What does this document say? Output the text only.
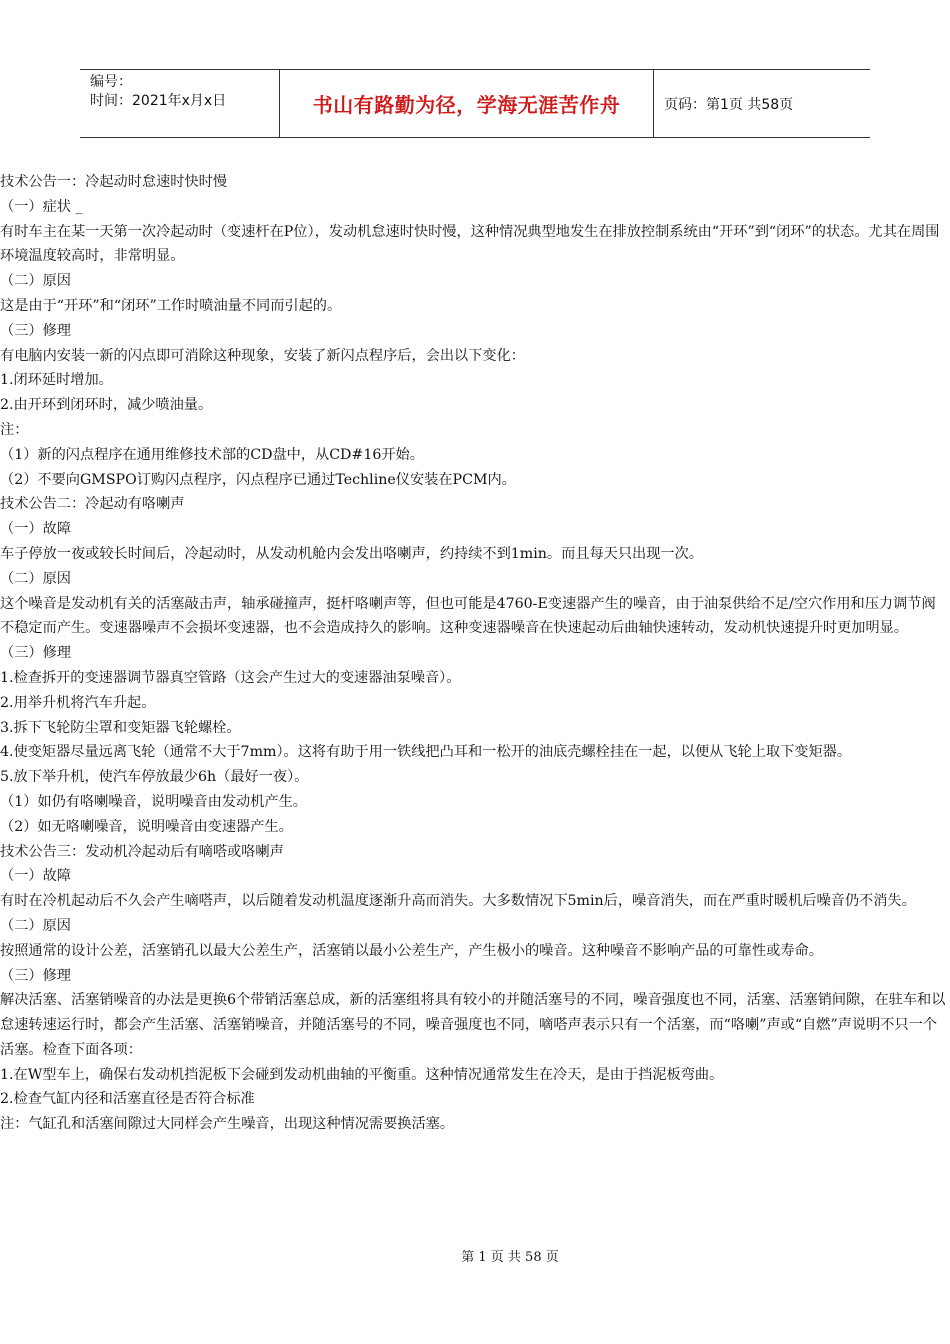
编号：
时间：2021年x月x日	书山有路勤为径，学海无涯苦作舟	页码：第1页 共58页

技术公告一：冷起动时怠速时快时慢

（一）症状 _

有时车主在某一天第一次冷起动时（变速杆在P位），发动机怠速时快时慢，这种情况典型地发生在排放控制系统由“开环”到“闭环”的状态。尤其在周围环境温度较高时，非常明显。

（二）原因

这是由于“开环”和“闭环”工作时喷油量不同而引起的。

（三）修理

有电脑内安装一新的闪点即可消除这种现象，安装了新闪点程序后，会出以下变化：

1.闭环延时增加。

2.由开环到闭环时，减少喷油量。

注：

（1）新的闪点程序在通用维修技术部的CD盘中，从CD#16开始。

（2）不要向GMSPO订购闪点程序，闪点程序已通过Techline仪安装在PCM内。

技术公告二：冷起动有咯喇声

（一）故障

车子停放一夜或较长时间后，冷起动时，从发动机舱内会发出咯喇声，约持续不到1min。而且每天只出现一次。

（二）原因

这个噪音是发动机有关的活塞敲击声，轴承碰撞声，挺杆咯喇声等，但也可能是4760-E变速器产生的噪音，由于油泵供给不足/空穴作用和压力调节阀不稳定而产生。变速器噪声不会损坏变速器，也不会造成持久的影响。这种变速器噪音在快速起动后曲轴快速转动，发动机快速提升时更加明显。

（三）修理

1.检查拆开的变速器调节器真空管路（这会产生过大的变速器油泵噪音）。

2.用举升机将汽车升起。

3.拆下飞轮防尘罩和变矩器飞轮螺栓。

4.使变矩器尽量远离飞轮（通常不大于7mm）。这将有助于用一铁线把凸耳和一松开的油底壳螺栓挂在一起，以便从飞轮上取下变矩器。

5.放下举升机，使汽车停放最少6h（最好一夜）。

（1）如仍有咯喇噪音，说明噪音由发动机产生。

（2）如无咯喇噪音，说明噪音由变速器产生。

技术公告三：发动机冷起动后有嘀嗒或咯喇声

（一）故障

有时在冷机起动后不久会产生嘀嗒声，以后随着发动机温度逐渐升高而消失。大多数情况下5min后，噪音消失，而在严重时暖机后噪音仍不消失。

（二）原因

按照通常的设计公差，活塞销孔以最大公差生产，活塞销以最小公差生产，产生极小的噪音。这种噪音不影响产品的可靠性或寿命。

（三）修理

解决活塞、活塞销噪音的办法是更换6个带销活塞总成，新的活塞组将具有较小的并随活塞号的不同，噪音强度也不同，活塞、活塞销间隙，在驻车和以怠速转速运行时，都会产生活塞、活塞销噪音，并随活塞号的不同，噪音强度也不同，嘀嗒声表示只有一个活塞，而“咯喇”声或“自燃”声说明不只一个活塞。检查下面各项：

1.在W型车上，确保右发动机挡泥板下会碰到发动机曲轴的平衡重。这种情况通常发生在冷天，是由于挡泥板弯曲。

2.检查气缸内径和活塞直径是否符合标准

注：气缸孔和活塞间隙过大同样会产生噪音，出现这种情况需要换活塞。

第 1 页 共 58 页
